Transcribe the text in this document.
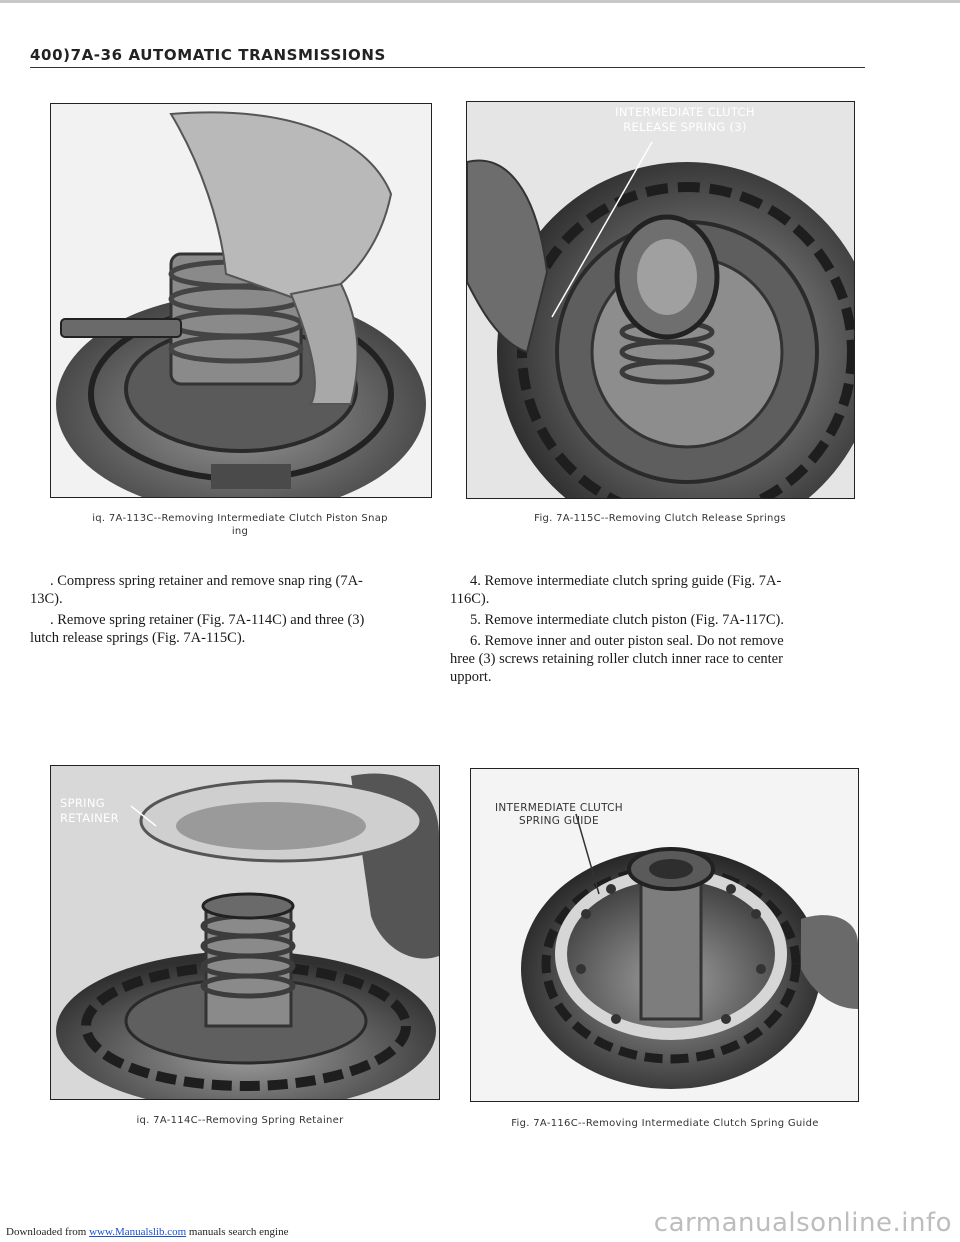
400)7A-36 AUTOMATIC TRANSMISSIONS
iq. 7A-113C--Removing Intermediate Clutch Piston Snap
ing
INTERMEDIATE CLUTCH
RELEASE SPRING (3)
Fig. 7A-115C--Removing Clutch Release Springs

. Compress spring retainer and remove snap ring (7A-
13C).

. Remove spring retainer (Fig. 7A-114C) and three (3)
lutch release springs (Fig. 7A-115C).

4. Remove intermediate clutch spring guide (Fig. 7A-
116C).

5. Remove intermediate clutch piston (Fig. 7A-117C).

6. Remove inner and outer piston seal. Do not remove
hree (3) screws retaining roller clutch inner race to center
upport.

SPRING
RETAINER
iq. 7A-114C--Removing Spring Retainer
INTERMEDIATE CLUTCH
SPRING GUIDE
Fig. 7A-116C--Removing Intermediate Clutch Spring Guide
Downloaded from www.Manualslib.com manuals search engine	carmanualsonline.info
